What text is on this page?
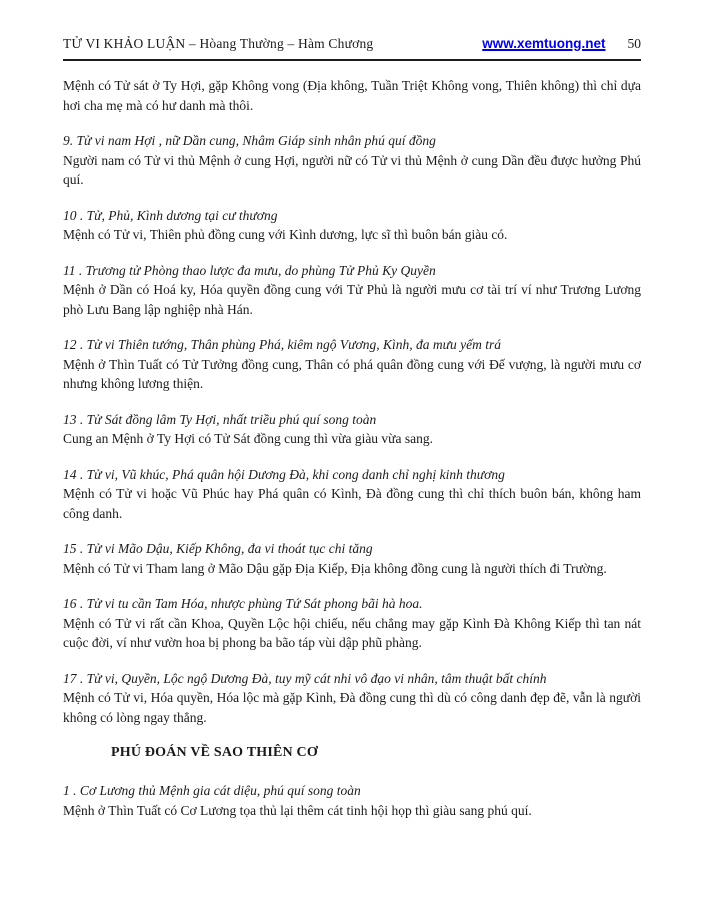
TỬ VI KHẢO LUẬN – Hòang Thường – Hàm Chương	www.xemtuong.net 50

Mệnh có Tử sát ở Ty Hợi, gặp Không vong (Địa không, Tuần Triệt Không vong, Thiên không) thì chỉ dựa hơi cha mẹ mà có hư danh mà thôi.

9. Tử vi nam Hợi , nữ Dần cung, Nhâm Giáp sinh nhân phú quí đồng

Người nam có Tử vi thủ Mệnh ở cung Hợi, người nữ có Tử vi thủ Mệnh ở cung Dần đều được hưởng Phú quí.

10 . Tử, Phủ, Kình dương tại cư thương

Mệnh có Tử vi, Thiên phủ đồng cung với Kình dương, lực sĩ thì buôn bán giàu có.

11 . Trương tử Phòng thao lược đa mưu, do phùng Tử Phủ Ky Quyền

Mệnh ở Dần có Hoá ky, Hóa quyền đồng cung với Tử Phủ là người mưu cơ tài trí ví như Trương Lương phò Lưu Bang lập nghiệp nhà Hán.

12 . Tử vi Thiên tướng, Thân phùng Phá, kiêm ngộ Vương, Kình, đa mưu yếm trá

Mệnh ở Thìn Tuất có Tử Tưởng đồng cung, Thân có phá quân đồng cung với Đế vượng, là người mưu cơ nhưng không lương thiện.

13 . Tử Sát đồng lâm Ty Hợi, nhất triều phú quí song toàn

Cung an Mệnh ở Ty Hợi có Tử Sát đồng cung thì vừa giàu vừa sang.

14 . Tử vi, Vũ khúc, Phá quân hội Dương Đà, khi cong danh chỉ nghị kinh thương

Mệnh có Tử vi hoặc Vũ Phúc hay Phá quân có Kình, Đà đồng cung thì chỉ thích buôn bán, không ham công danh.

15 . Tử vi Mão Dậu, Kiếp Không, đa vi thoát tục chi tăng

Mệnh có Tử vi Tham lang ở Mão Dậu gặp Địa Kiếp, Địa không đồng cung là người thích đi Trường.

16 . Tử vi tu cần Tam Hóa, nhược phùng Tứ Sát phong bãi hà hoa.

Mệnh có Tử vi rất cần Khoa, Quyền Lộc hội chiếu, nếu chẳng may gặp Kình Đà Không Kiếp thì tan nát cuộc đời, ví như vườn hoa bị phong ba bão táp vùi dập phũ phàng.

17 . Tử vi, Quyền, Lộc ngộ Dương Đà, tuy mỹ cát nhi vô đạo vi nhân, tâm thuật bất chính

Mệnh có Tử vi, Hóa quyền, Hóa lộc mà gặp Kình, Đà đồng cung thì dù có công danh đẹp đẽ, vẫn là người không có lòng ngay thẳng.

PHÚ ĐOÁN VỀ SAO THIÊN CƠ

1 . Cơ Lương thủ Mệnh gia cát diệu, phú quí song toàn

Mệnh ở Thìn Tuất có Cơ Lương tọa thủ lại thêm cát tinh hội họp thì giàu sang phú quí.
